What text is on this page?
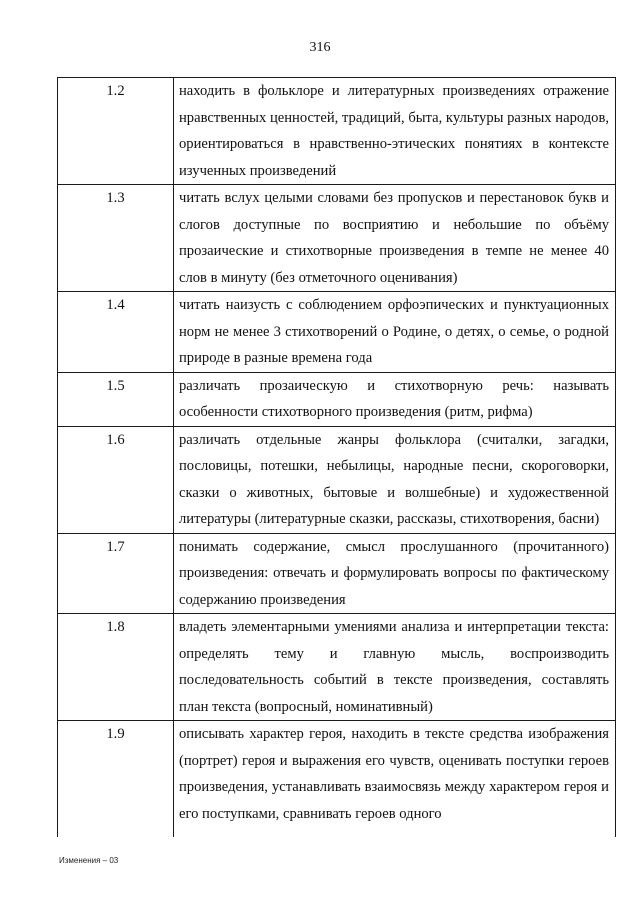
316
1.2	находить в фольклоре и литературных произведениях отражение нравственных ценностей, традиций, быта, культуры разных народов, ориентироваться в нравственно-этических понятиях в контексте изученных произведений
1.3	читать вслух целыми словами без пропусков и перестановок букв и слогов доступные по восприятию и небольшие по объёму прозаические и стихотворные произведения в темпе не менее 40 слов в минуту (без отметочного оценивания)
1.4	читать наизусть с соблюдением орфоэпических и пунктуационных норм не менее 3 стихотворений о Родине, о детях, о семье, о родной природе в разные времена года
1.5	различать прозаическую и стихотворную речь: называть особенности стихотворного произведения (ритм, рифма)
1.6	различать отдельные жанры фольклора (считалки, загадки, пословицы, потешки, небылицы, народные песни, скороговорки, сказки о животных, бытовые и волшебные) и художественной литературы (литературные сказки, рассказы, стихотворения, басни)
1.7	понимать содержание, смысл прослушанного (прочитанного) произведения: отвечать и формулировать вопросы по фактическому содержанию произведения
1.8	владеть элементарными умениями анализа и интерпретации текста: определять тему и главную мысль, воспроизводить последовательность событий в тексте произведения, составлять план текста (вопросный, номинативный)
1.9	описывать характер героя, находить в тексте средства изображения (портрет) героя и выражения его чувств, оценивать поступки героев произведения, устанавливать взаимосвязь между характером героя и его поступками, сравнивать героев одного
Изменения – 03
